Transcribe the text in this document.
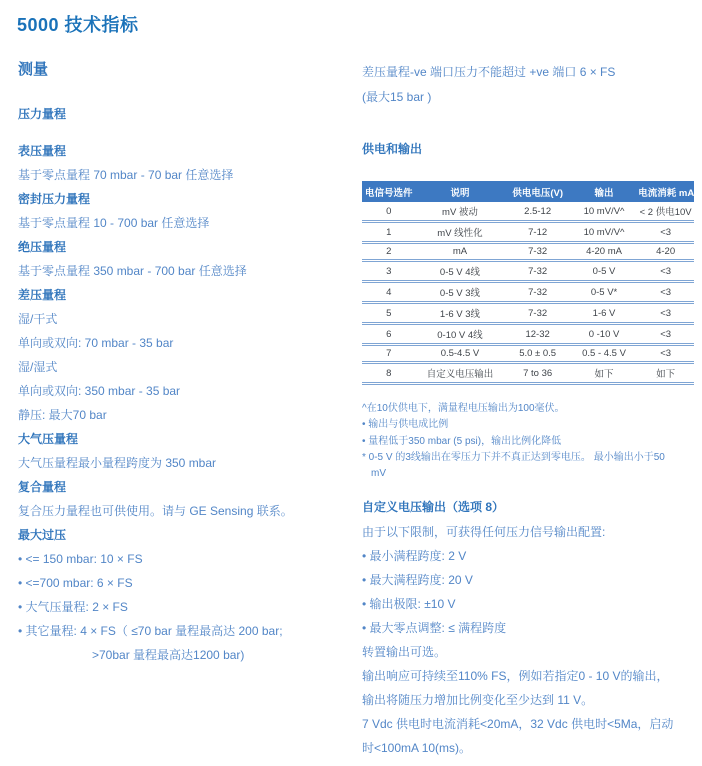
5000 技术指标
测量
压力量程
表压量程
基于零点量程 70 mbar - 70 bar 任意选择
密封压力量程
基于零点量程 10 - 700 bar 任意选择
绝压量程
基于零点量程 350 mbar - 700 bar 任意选择
差压量程
湿/干式
单向或双向: 70 mbar - 35 bar
湿/湿式
单向或双向: 350 mbar - 35 bar
静压: 最大70 bar
大气压量程
大气压量程最小量程跨度为 350 mbar
复合量程
复合压力量程也可供使用。请与 GE Sensing 联系。
最大过压
• <= 150 mbar: 10 × FS
• <=700 mbar: 6 × FS
• 大气压量程: 2 × FS
• 其它量程: 4 × FS（ ≤70 bar 量程最高达 200 bar;
>70bar 量程最高达1200 bar)
差压量程-ve 端口压力不能超过 +ve 端口 6 × FS
(最大15 bar )
供电和输出
电信号选件	说明	供电电压(V)	输出	电流消耗 mA
0	mV 被动	2.5-12	10 mV/V^	< 2 供电10V
1	mV 线性化	7-12	10 mV/V^	<3
2	mA	7-32	4-20 mA	4-20
3	0-5 V 4线	7-32	0-5 V	<3
4	0-5 V 3线	7-32	0-5 V*	<3
5	1-6 V 3线	7-32	1-6 V	<3
6	0-10 V 4线	12-32	0 -10 V	<3
7	0.5-4.5 V	5.0 ± 0.5	0.5 - 4.5 V	<3
8	自定义电压输出	7 to 36	如下	如下
^在10伏供电下，满量程电压输出为100毫伏。
• 输出与供电成比例
• 量程低于350 mbar (5 psi)，输出比例化降低
* 0-5 V 的3线输出在零压力下并不真正达到零电压。 最小输出小于50
mV
自定义电压输出（选项 8）
由于以下限制，可获得任何压力信号输出配置:
• 最小满程跨度: 2 V
• 最大满程跨度: 20 V
• 输出极限: ±10 V
• 最大零点调整: ≤ 满程跨度
转置输出可选。
输出响应可持续至110% FS，例如若指定0 - 10 V的输出，
输出将随压力增加比例变化至少达到 11 V。
7 Vdc 供电时电流消耗<20mA，32 Vdc 供电时<5Ma，启动
时<100mA 10(ms)。
